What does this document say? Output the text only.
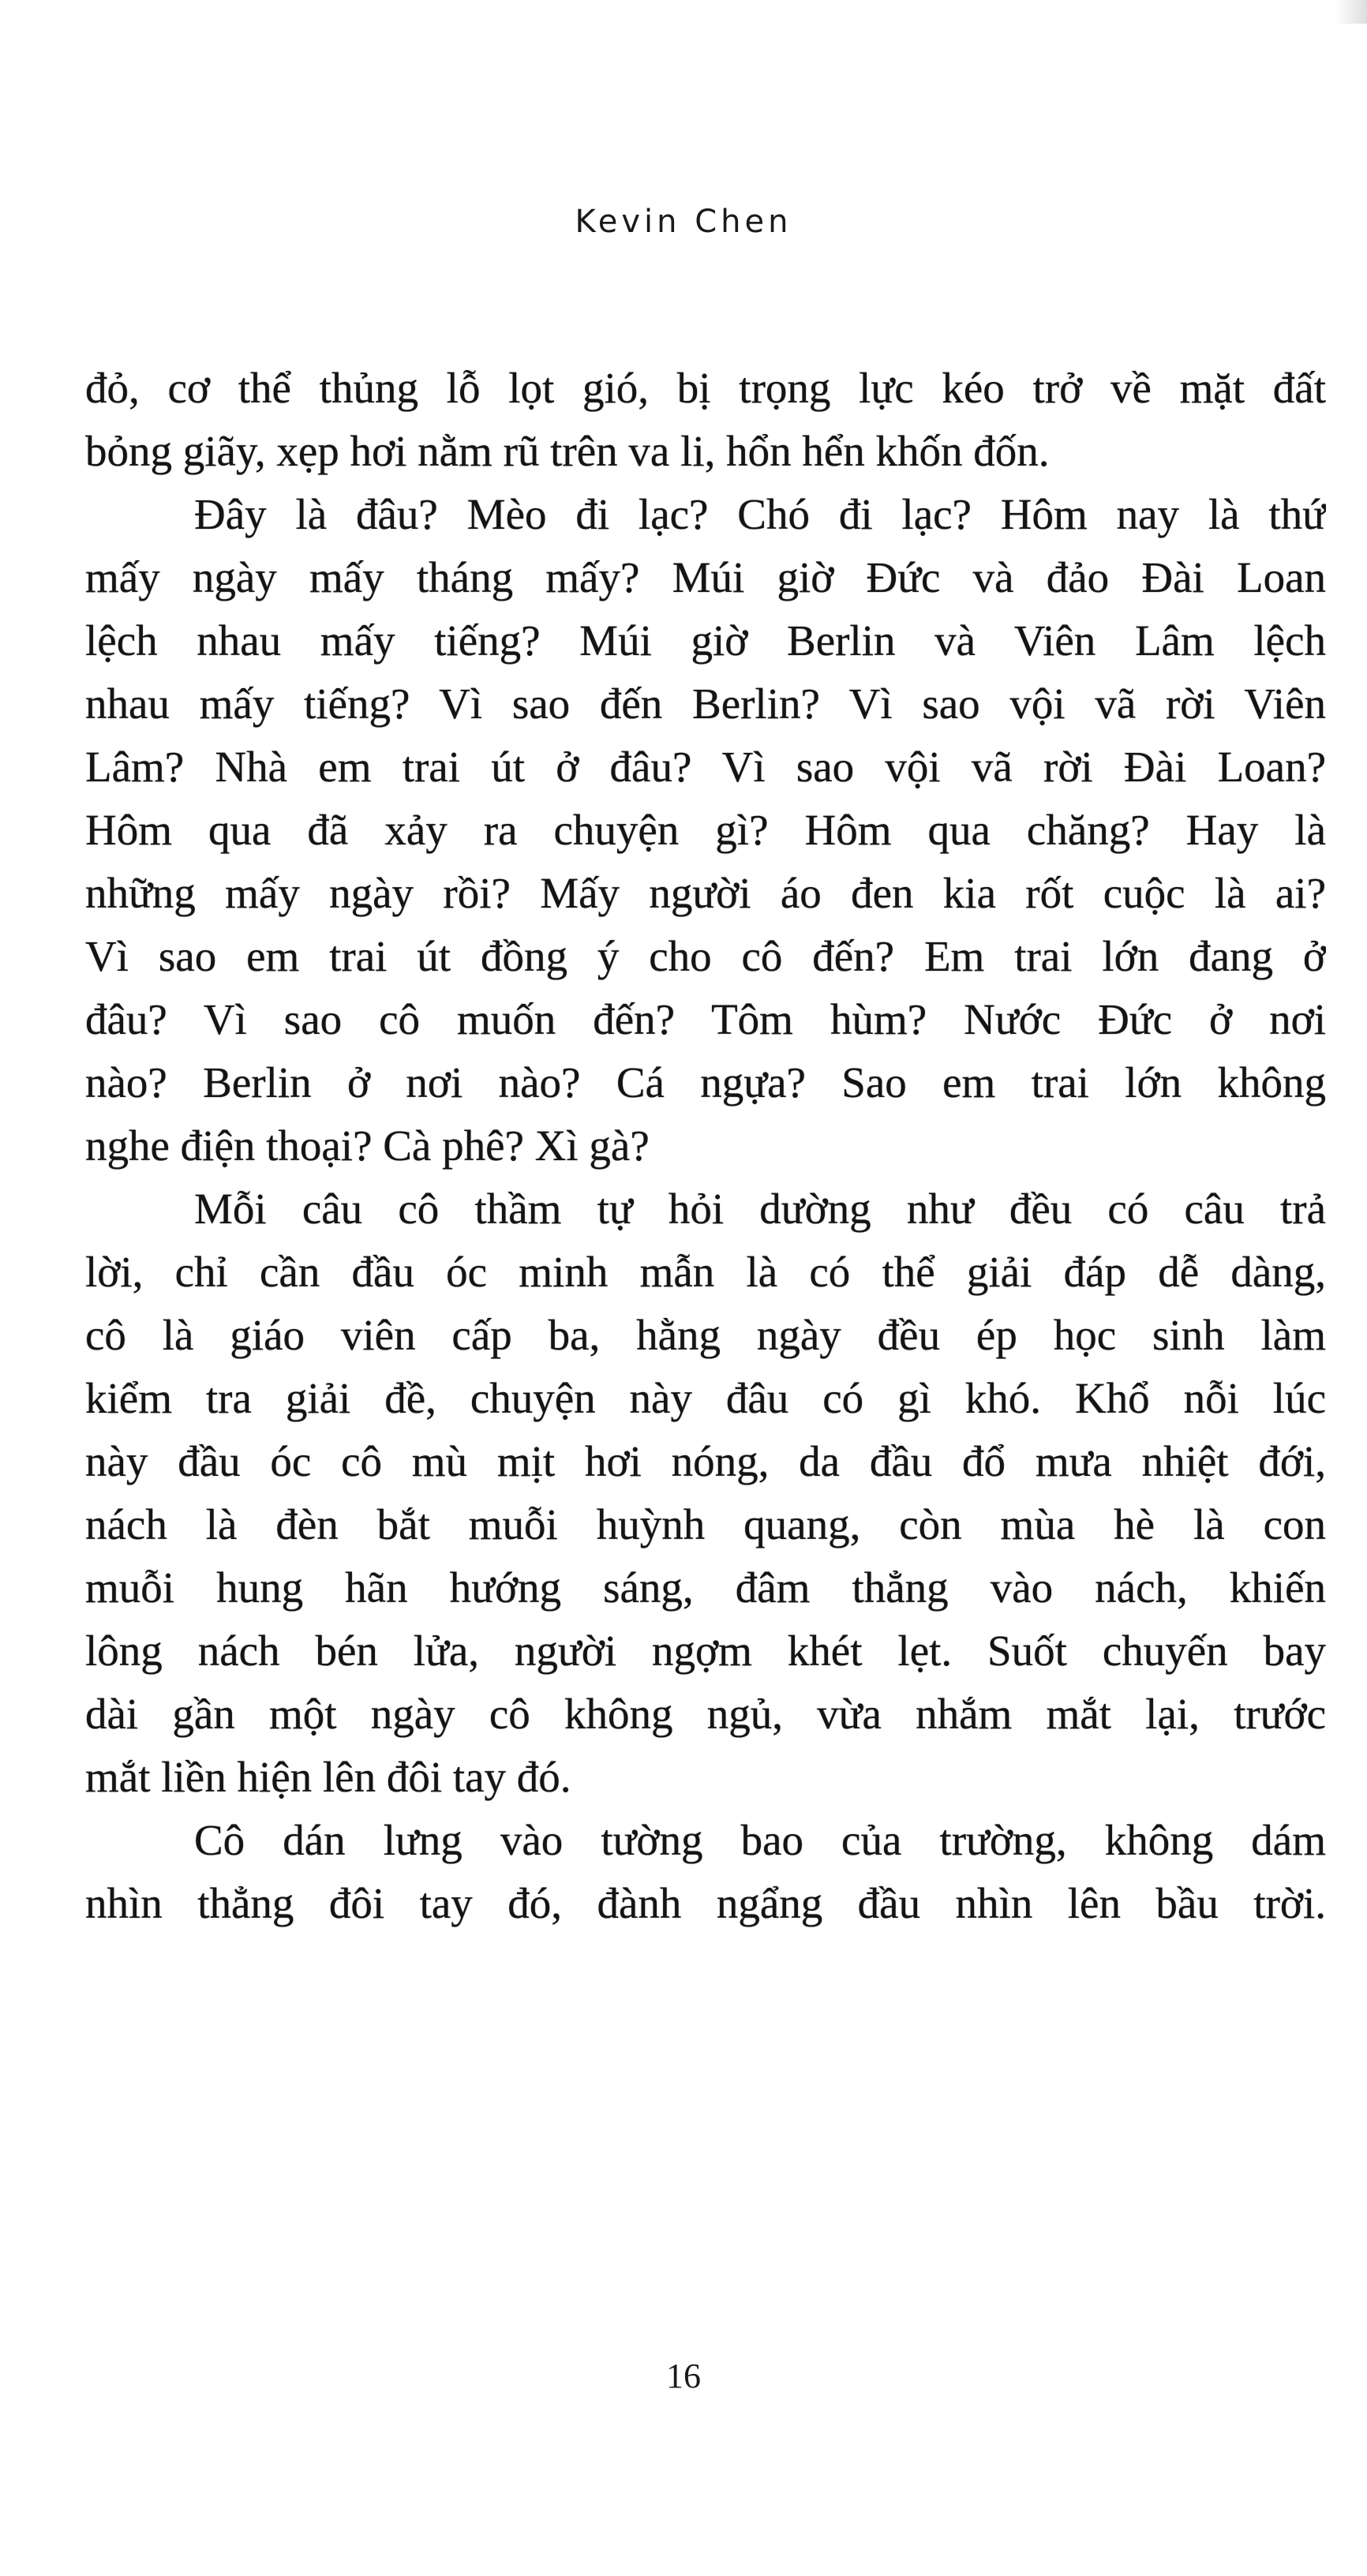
Kevin Chen
đỏ, cơ thể thủng lỗ lọt gió, bị trọng lực kéo trở về mặt đất
bỏng giãy, xẹp hơi nằm rũ trên va li, hổn hển khốn đốn.
Đây là đâu? Mèo đi lạc? Chó đi lạc? Hôm nay là thứ
mấy ngày mấy tháng mấy? Múi giờ Đức và đảo Đài Loan
lệch nhau mấy tiếng? Múi giờ Berlin và Viên Lâm lệch
nhau mấy tiếng? Vì sao đến Berlin? Vì sao vội vã rời Viên
Lâm? Nhà em trai út ở đâu? Vì sao vội vã rời Đài Loan?
Hôm qua đã xảy ra chuyện gì? Hôm qua chăng? Hay là
những mấy ngày rồi? Mấy người áo đen kia rốt cuộc là ai?
Vì sao em trai út đồng ý cho cô đến? Em trai lớn đang ở
đâu? Vì sao cô muốn đến? Tôm hùm? Nước Đức ở nơi
nào? Berlin ở nơi nào? Cá ngựa? Sao em trai lớn không
nghe điện thoại? Cà phê? Xì gà?
Mỗi câu cô thầm tự hỏi dường như đều có câu trả
lời, chỉ cần đầu óc minh mẫn là có thể giải đáp dễ dàng,
cô là giáo viên cấp ba, hằng ngày đều ép học sinh làm
kiểm tra giải đề, chuyện này đâu có gì khó. Khổ nỗi lúc
này đầu óc cô mù mịt hơi nóng, da đầu đổ mưa nhiệt đới,
nách là đèn bắt muỗi huỳnh quang, còn mùa hè là con
muỗi hung hãn hướng sáng, đâm thẳng vào nách, khiến
lông nách bén lửa, người ngợm khét lẹt. Suốt chuyến bay
dài gần một ngày cô không ngủ, vừa nhắm mắt lại, trước
mắt liền hiện lên đôi tay đó.
Cô dán lưng vào tường bao của trường, không dám
nhìn thẳng đôi tay đó, đành ngẩng đầu nhìn lên bầu trời.
16
